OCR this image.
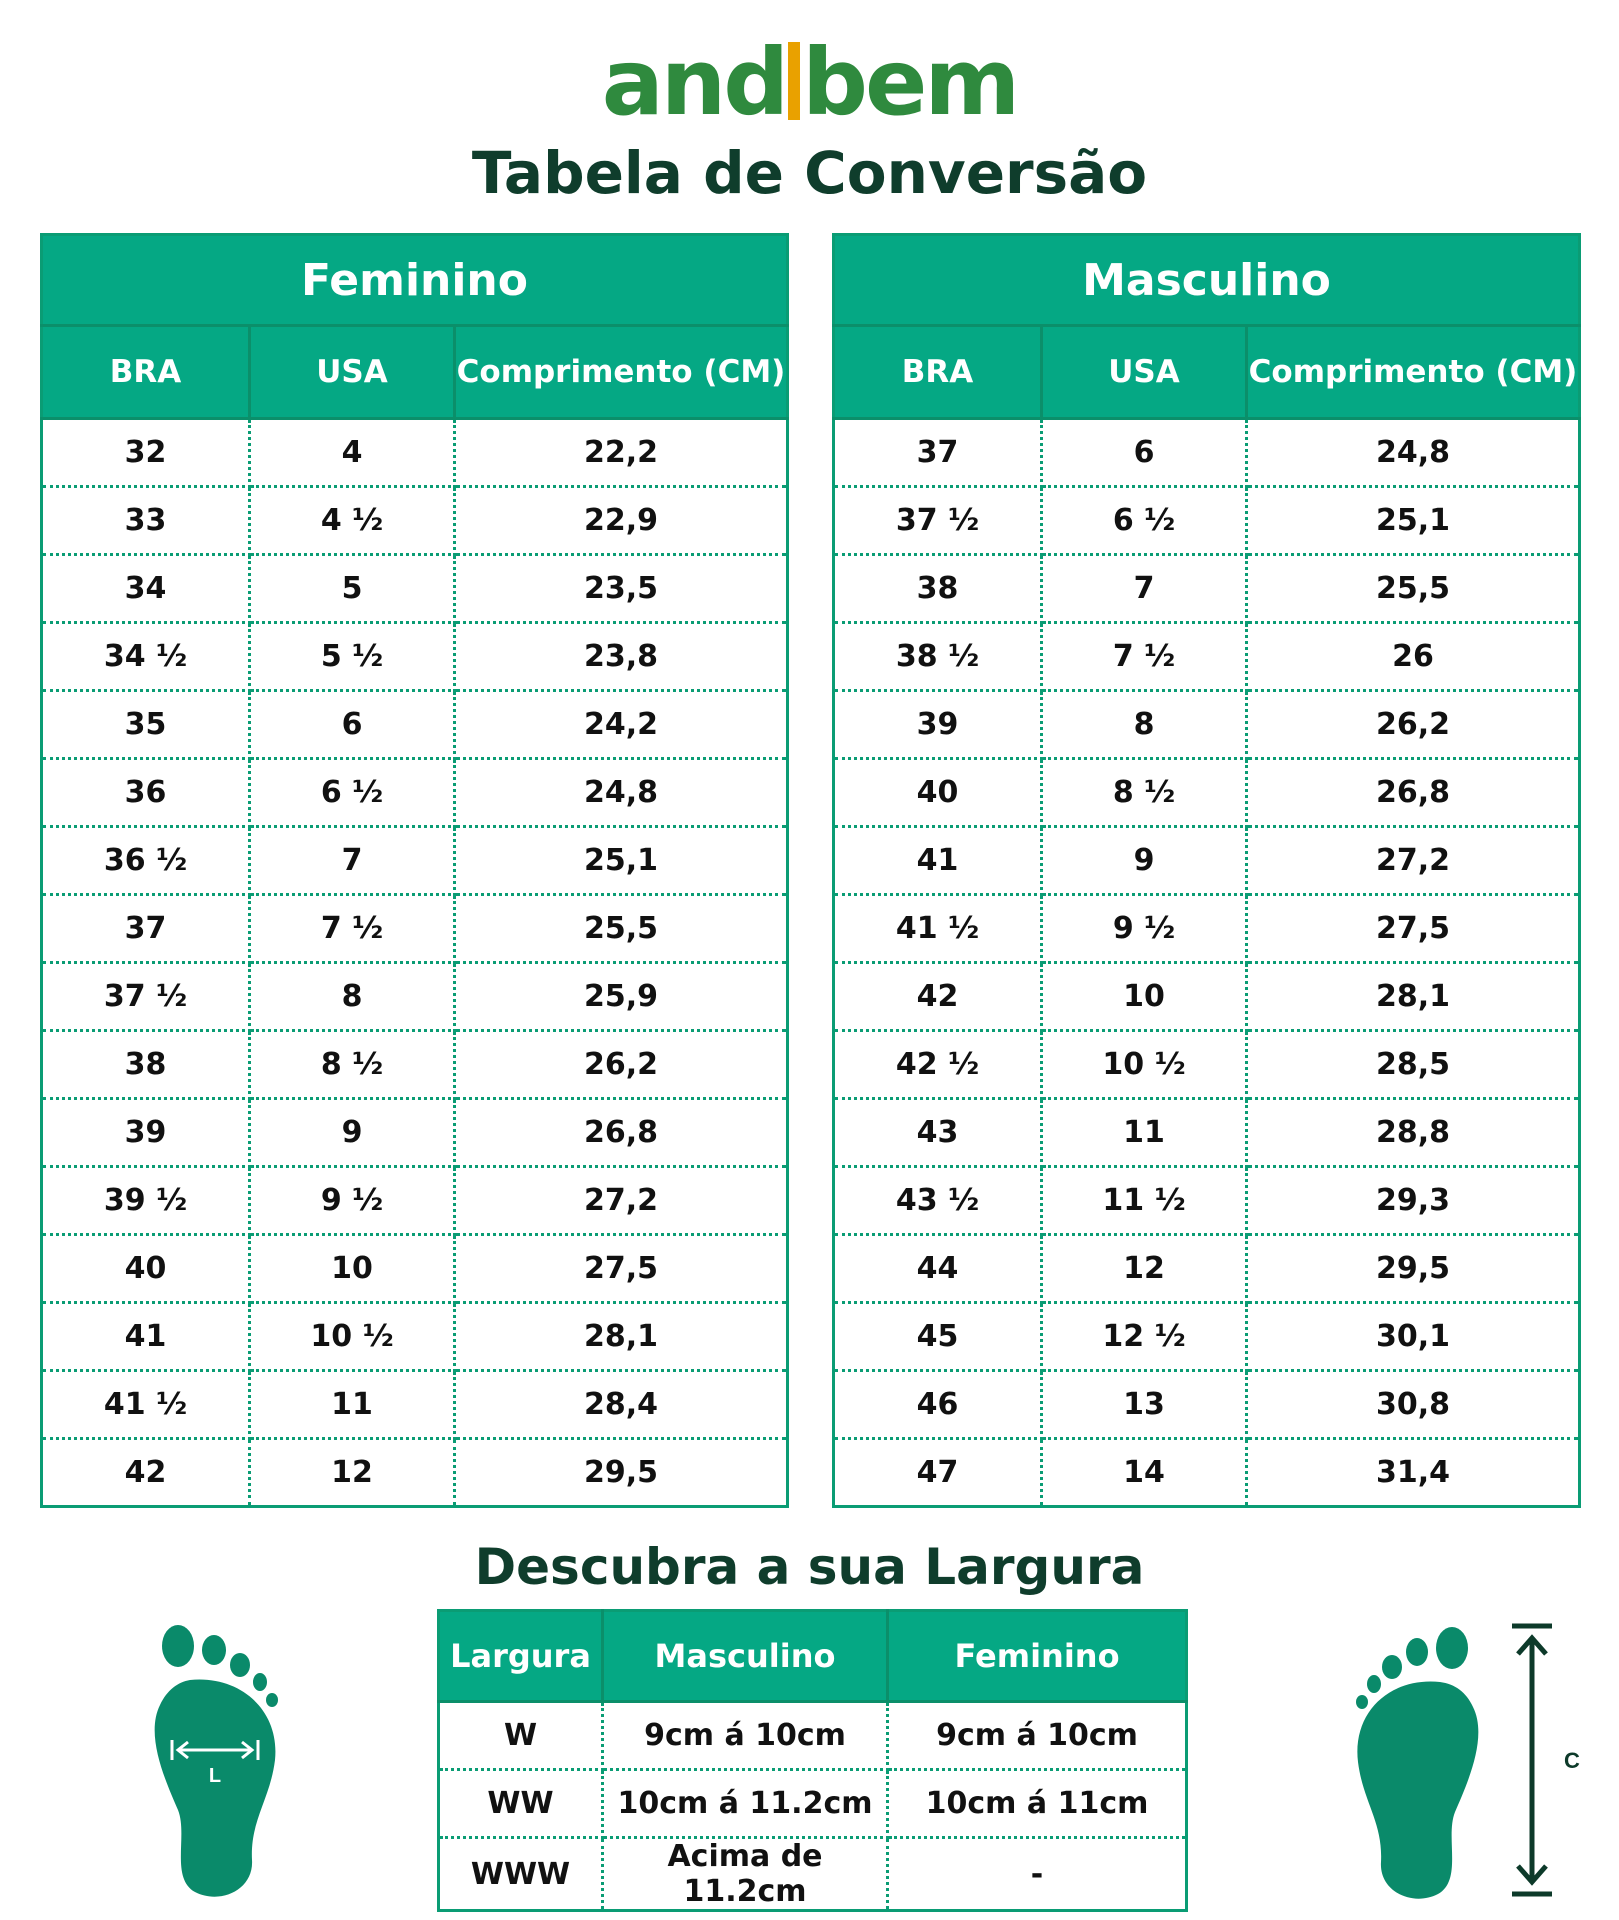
and bem
Tabela de Conversão
Feminino		
BRA	USA	Comprimento (CM)
32	4	22,2
33	4 ½	22,9
34	5	23,5
34 ½	5 ½	23,8
35	6	24,2
36	6 ½	24,8
36 ½	7	25,1
37	7 ½	25,5
37 ½	8	25,9
38	8 ½	26,2
39	9	26,8
39 ½	9 ½	27,2
40	10	27,5
41	10 ½	28,1
41 ½	11	28,4
42	12	29,5
Masculino		
BRA	USA	Comprimento (CM)
37	6	24,8
37 ½	6 ½	25,1
38	7	25,5
38 ½	7 ½	26
39	8	26,2
40	8 ½	26,8
41	9	27,2
41 ½	9 ½	27,5
42	10	28,1
42 ½	10 ½	28,5
43	11	28,8
43 ½	11 ½	29,3
44	12	29,5
45	12 ½	30,1
46	13	30,8
47	14	31,4
Descubra a sua Largura
Largura	Masculino	Feminino
W	9cm á 10cm	9cm á 10cm
WW	10cm á 11.2cm	10cm á 11cm
WWW	Acima de 11.2cm	-
L
C
